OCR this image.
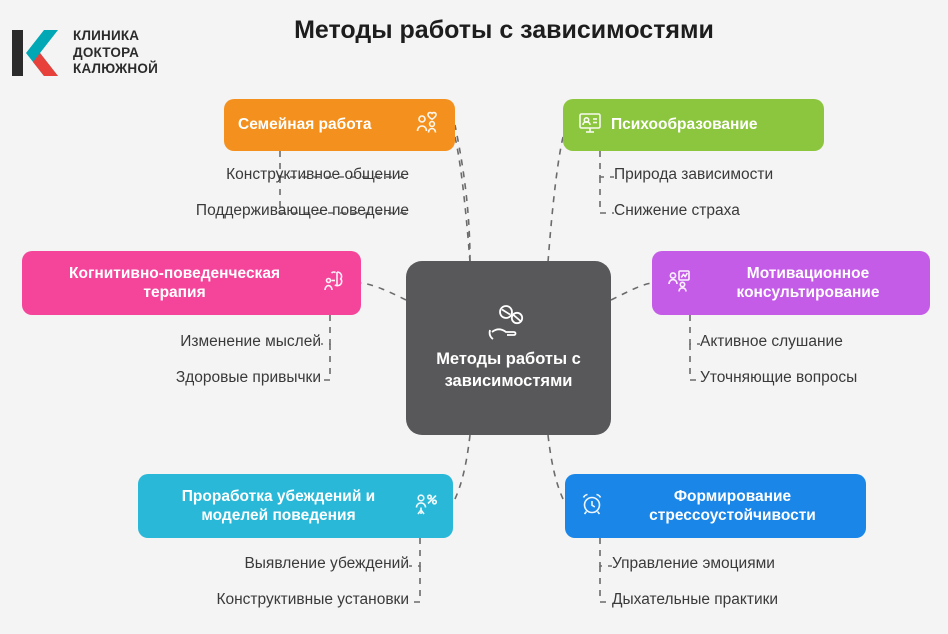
КЛИНИКА
ДОКТОРА
КАЛЮЖНОЙ
Методы работы с зависимостями
Методы работы с зависимостями
Семейная работа
Конструктивное общение
Поддерживающее поведение
Психообразование
Природа зависимости
Снижение страха
Когнитивно-поведенческая терапия
Изменение мыслей
Здоровые привычки
Мотивационное консультирование
Активное слушание
Уточняющие вопросы
Проработка убеждений и моделей поведения
Выявление убеждений
Конструктивные установки
Формирование стрессоустойчивости
Управление эмоциями
Дыхательные практики
